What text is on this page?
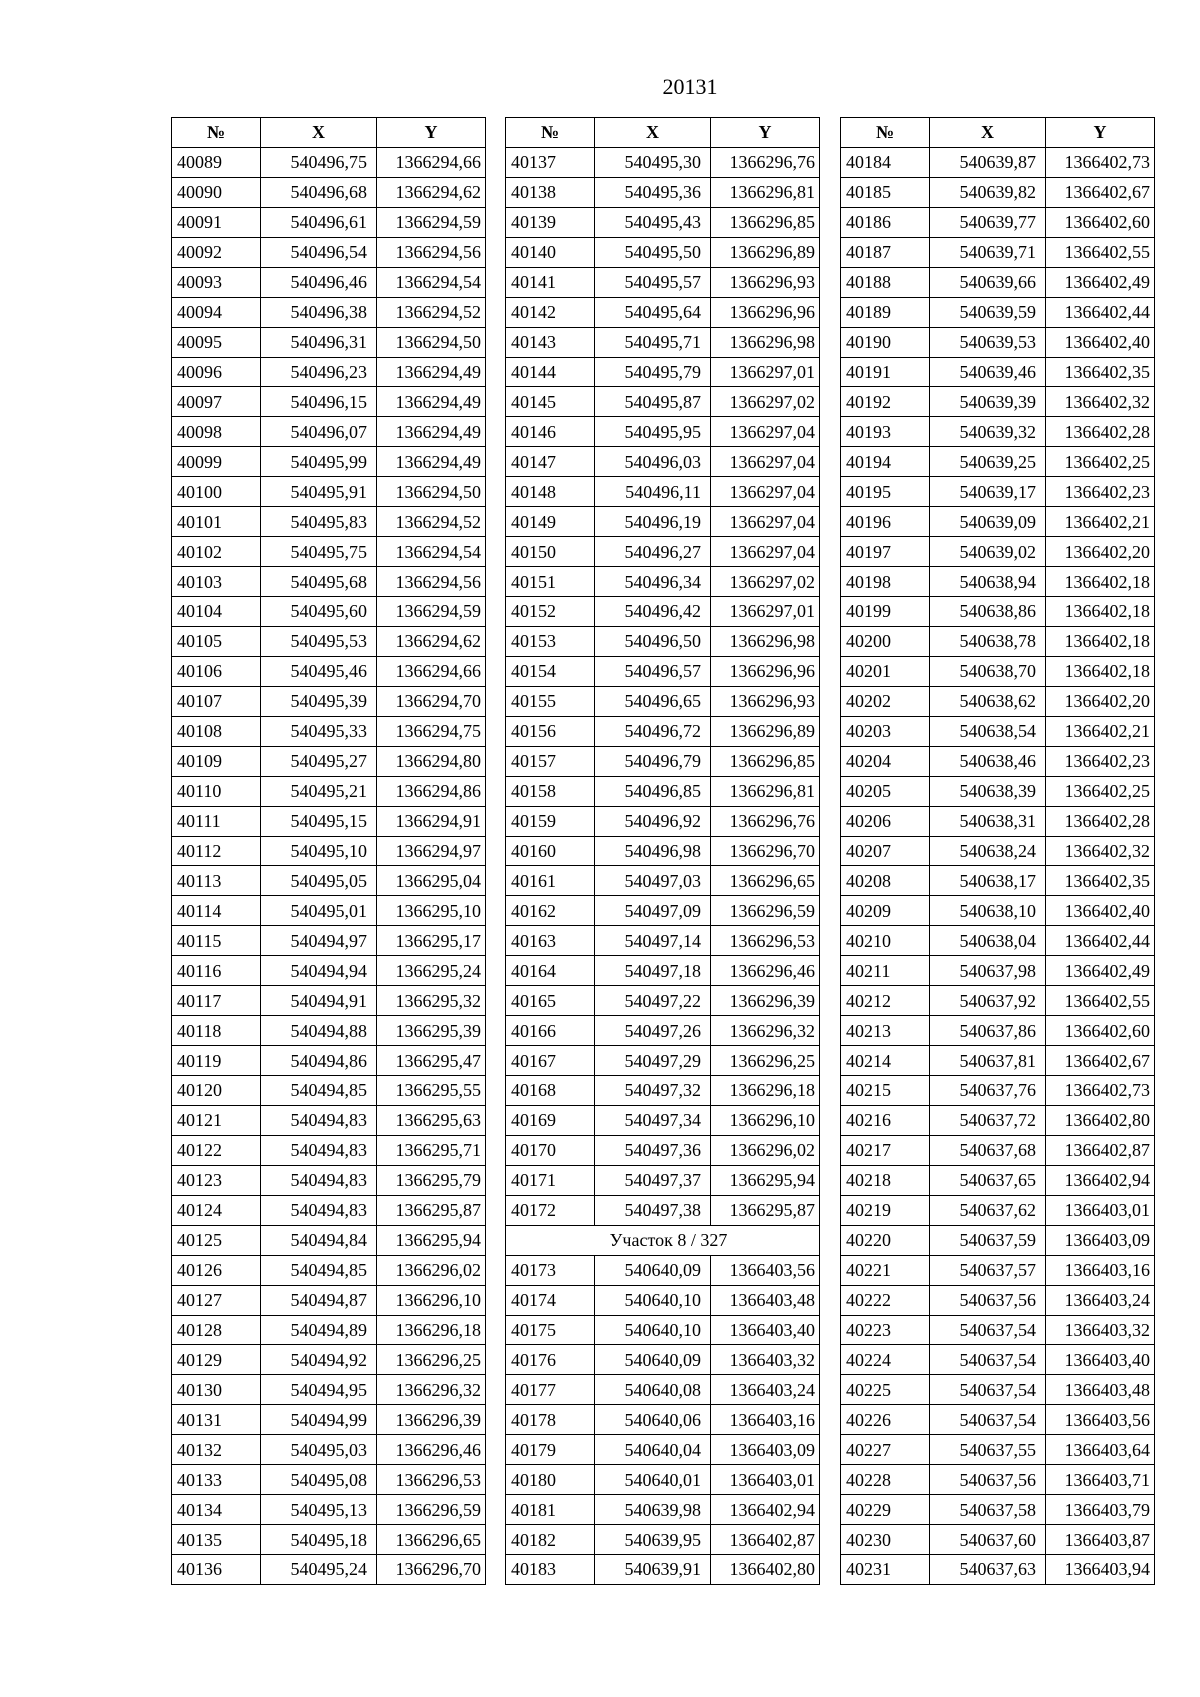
20131
№	X	Y
40089	540496,75	1366294,66
40090	540496,68	1366294,62
40091	540496,61	1366294,59
40092	540496,54	1366294,56
40093	540496,46	1366294,54
40094	540496,38	1366294,52
40095	540496,31	1366294,50
40096	540496,23	1366294,49
40097	540496,15	1366294,49
40098	540496,07	1366294,49
40099	540495,99	1366294,49
40100	540495,91	1366294,50
40101	540495,83	1366294,52
40102	540495,75	1366294,54
40103	540495,68	1366294,56
40104	540495,60	1366294,59
40105	540495,53	1366294,62
40106	540495,46	1366294,66
40107	540495,39	1366294,70
40108	540495,33	1366294,75
40109	540495,27	1366294,80
40110	540495,21	1366294,86
40111	540495,15	1366294,91
40112	540495,10	1366294,97
40113	540495,05	1366295,04
40114	540495,01	1366295,10
40115	540494,97	1366295,17
40116	540494,94	1366295,24
40117	540494,91	1366295,32
40118	540494,88	1366295,39
40119	540494,86	1366295,47
40120	540494,85	1366295,55
40121	540494,83	1366295,63
40122	540494,83	1366295,71
40123	540494,83	1366295,79
40124	540494,83	1366295,87
40125	540494,84	1366295,94
40126	540494,85	1366296,02
40127	540494,87	1366296,10
40128	540494,89	1366296,18
40129	540494,92	1366296,25
40130	540494,95	1366296,32
40131	540494,99	1366296,39
40132	540495,03	1366296,46
40133	540495,08	1366296,53
40134	540495,13	1366296,59
40135	540495,18	1366296,65
40136	540495,24	1366296,70
№	X	Y
40137	540495,30	1366296,76
40138	540495,36	1366296,81
40139	540495,43	1366296,85
40140	540495,50	1366296,89
40141	540495,57	1366296,93
40142	540495,64	1366296,96
40143	540495,71	1366296,98
40144	540495,79	1366297,01
40145	540495,87	1366297,02
40146	540495,95	1366297,04
40147	540496,03	1366297,04
40148	540496,11	1366297,04
40149	540496,19	1366297,04
40150	540496,27	1366297,04
40151	540496,34	1366297,02
40152	540496,42	1366297,01
40153	540496,50	1366296,98
40154	540496,57	1366296,96
40155	540496,65	1366296,93
40156	540496,72	1366296,89
40157	540496,79	1366296,85
40158	540496,85	1366296,81
40159	540496,92	1366296,76
40160	540496,98	1366296,70
40161	540497,03	1366296,65
40162	540497,09	1366296,59
40163	540497,14	1366296,53
40164	540497,18	1366296,46
40165	540497,22	1366296,39
40166	540497,26	1366296,32
40167	540497,29	1366296,25
40168	540497,32	1366296,18
40169	540497,34	1366296,10
40170	540497,36	1366296,02
40171	540497,37	1366295,94
40172	540497,38	1366295,87
Участок 8 / 327		
40173	540640,09	1366403,56
40174	540640,10	1366403,48
40175	540640,10	1366403,40
40176	540640,09	1366403,32
40177	540640,08	1366403,24
40178	540640,06	1366403,16
40179	540640,04	1366403,09
40180	540640,01	1366403,01
40181	540639,98	1366402,94
40182	540639,95	1366402,87
40183	540639,91	1366402,80
№	X	Y
40184	540639,87	1366402,73
40185	540639,82	1366402,67
40186	540639,77	1366402,60
40187	540639,71	1366402,55
40188	540639,66	1366402,49
40189	540639,59	1366402,44
40190	540639,53	1366402,40
40191	540639,46	1366402,35
40192	540639,39	1366402,32
40193	540639,32	1366402,28
40194	540639,25	1366402,25
40195	540639,17	1366402,23
40196	540639,09	1366402,21
40197	540639,02	1366402,20
40198	540638,94	1366402,18
40199	540638,86	1366402,18
40200	540638,78	1366402,18
40201	540638,70	1366402,18
40202	540638,62	1366402,20
40203	540638,54	1366402,21
40204	540638,46	1366402,23
40205	540638,39	1366402,25
40206	540638,31	1366402,28
40207	540638,24	1366402,32
40208	540638,17	1366402,35
40209	540638,10	1366402,40
40210	540638,04	1366402,44
40211	540637,98	1366402,49
40212	540637,92	1366402,55
40213	540637,86	1366402,60
40214	540637,81	1366402,67
40215	540637,76	1366402,73
40216	540637,72	1366402,80
40217	540637,68	1366402,87
40218	540637,65	1366402,94
40219	540637,62	1366403,01
40220	540637,59	1366403,09
40221	540637,57	1366403,16
40222	540637,56	1366403,24
40223	540637,54	1366403,32
40224	540637,54	1366403,40
40225	540637,54	1366403,48
40226	540637,54	1366403,56
40227	540637,55	1366403,64
40228	540637,56	1366403,71
40229	540637,58	1366403,79
40230	540637,60	1366403,87
40231	540637,63	1366403,94
